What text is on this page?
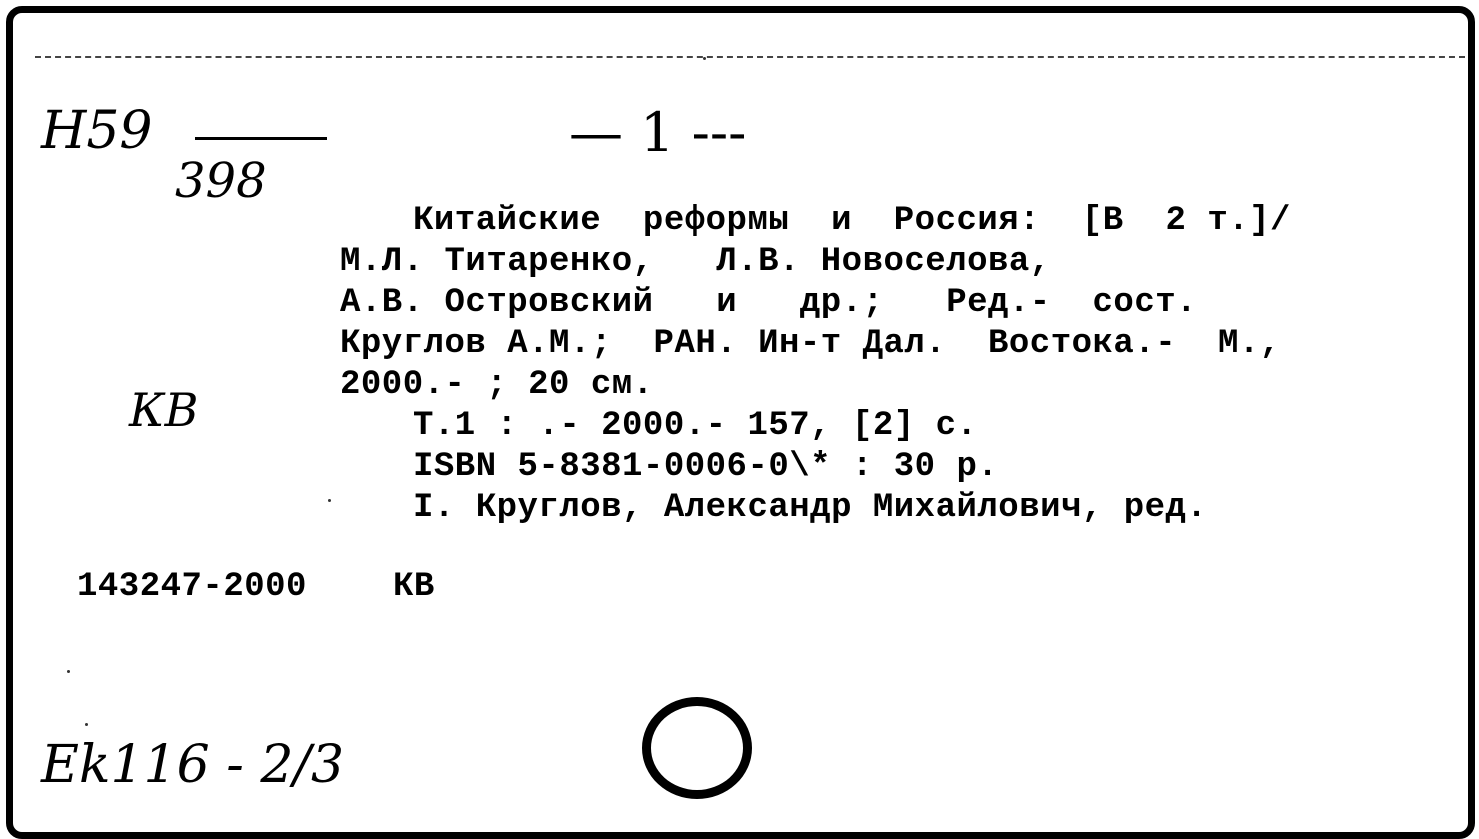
Н59
398
— 1 ---
Китайские  реформы  и  Россия:  [В  2 т.]/
М.Л. Титаренко,   Л.В. Новоселова,
А.В. Островский   и   др.;   Ред.-  сост.
Круглов А.М.;  РАН. Ин-т Дал.  Востока.-  М.,
2000.- ; 20 см.
КВ	Т.1 : .- 2000.- 157, [2] с.
ISBN 5-8381-0006-0\* : 30 р.
I. Круглов, Александр Михайлович, ред.
143247-2000	КВ
Ek116 - 2/3
